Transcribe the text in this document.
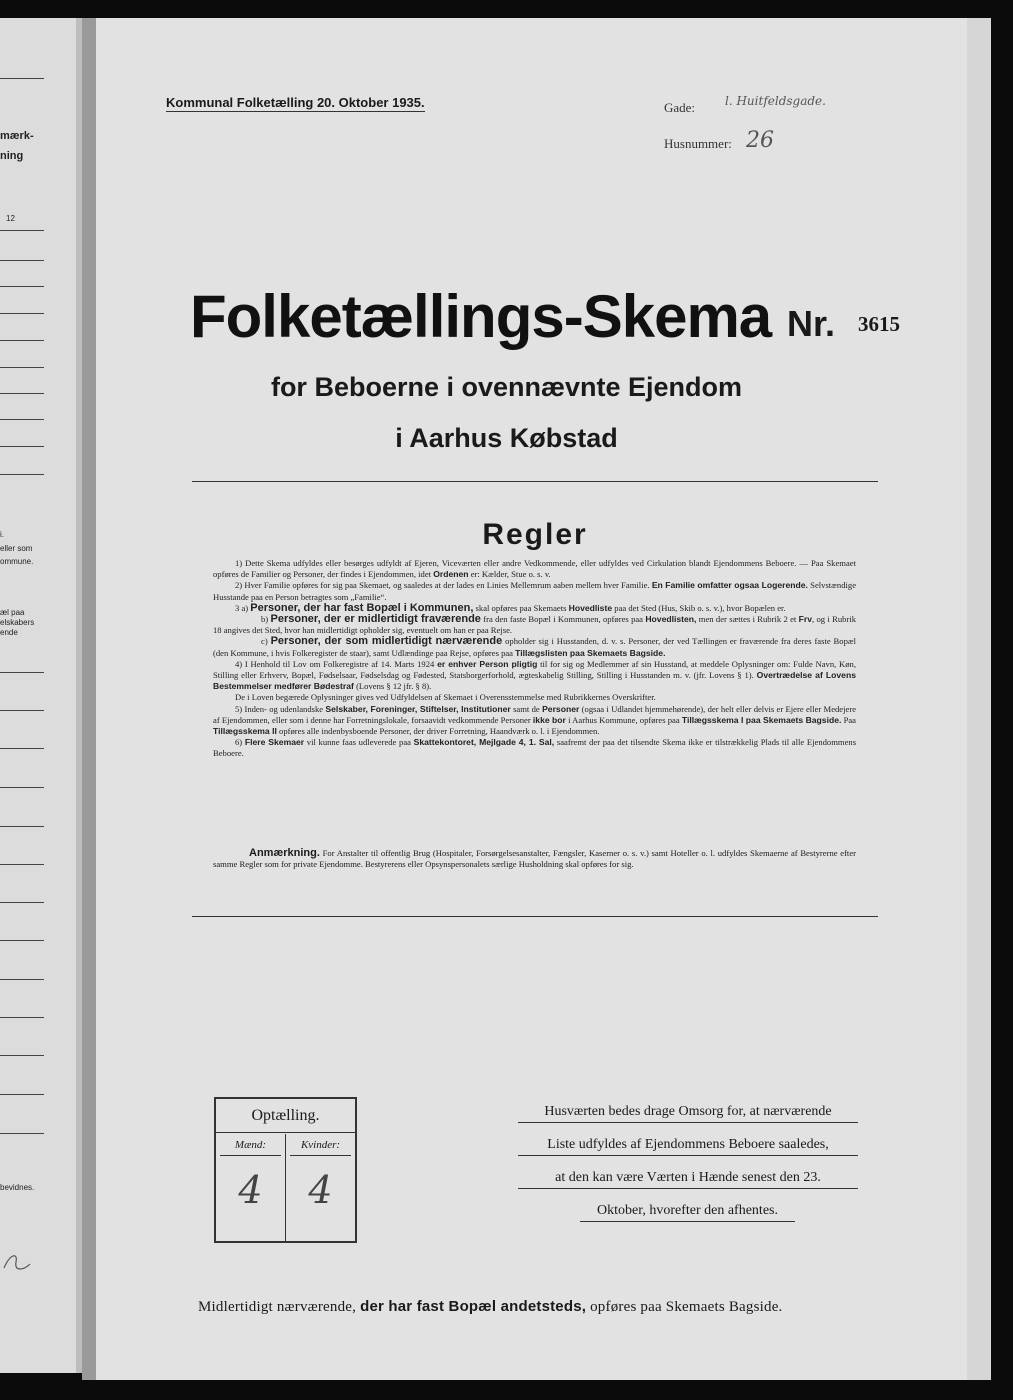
mærk-
ning
12
i.
eller som
ommune.
æl paa
elskabers
ende
bevidnes.
Kommunal Folketælling 20. Oktober 1935.	Gade: l. Huitfeldsgade.
Husnummer: 26
Folketællings-Skema Nr. 3615
for Beboerne i ovennævnte Ejendom
i Aarhus Købstad
Regler

1) Dette Skema udfyldes eller besørges udfyldt af Ejeren, Viceværten eller andre Vedkommende, eller udfyldes ved Cirkulation blandt Ejendommens Beboere. — Paa Skemaet opføres de Familier og Personer, der findes i Ejendommen, idet Ordenen er: Kælder, Stue o. s. v.

2) Hver Familie opføres for sig paa Skemaet, og saaledes at der lades en Linies Mellemrum aaben mellem hver Familie. En Familie omfatter ogsaa Logerende. Selvstændige Husstande paa en Person betragtes som „Familie“.

3 a) Personer, der har fast Bopæl i Kommunen, skal opføres paa Skemaets Hovedliste paa det Sted (Hus, Skib o. s. v.), hvor Bopælen er.

b) Personer, der er midlertidigt fraværende fra den faste Bopæl i Kommunen, opføres paa Hovedlisten, men der sættes i Rubrik 2 et Frv, og i Rubrik 18 angives det Sted, hvor han midlertidigt opholder sig, eventuelt om han er paa Rejse.

c) Personer, der som midlertidigt nærværende opholder sig i Husstanden, d. v. s. Personer, der ved Tællingen er fraværende fra deres faste Bopæl (den Kommune, i hvis Folkeregister de staar), samt Udlændinge paa Rejse, opføres paa Tillægslisten paa Skemaets Bagside.

4) I Henhold til Lov om Folkeregistre af 14. Marts 1924 er enhver Person pligtig til for sig og Medlemmer af sin Husstand, at meddele Oplysninger om: Fulde Navn, Køn, Stilling eller Erhverv, Bopæl, Fødselsaar, Fødselsdag og Fødested, Statsborgerforhold, ægteskabelig Stilling, Stilling i Husstanden m. v. (jfr. Lovens § 1). Overtrædelse af Lovens Bestemmelser medfører Bødestraf (Lovens § 12 jfr. § 8).

De i Loven begærede Oplysninger gives ved Udfyldelsen af Skemaet i Overensstemmelse med Rubrikkernes Overskrifter.

5) Inden- og udenlandske Selskaber, Foreninger, Stiftelser, Institutioner samt de Personer (ogsaa i Udlandet hjemmehørende), der helt eller delvis er Ejere eller Medejere af Ejendommen, eller som i denne har Forretningslokale, forsaavidt vedkommende Personer ikke bor i Aarhus Kommune, opføres paa Tillægsskema I paa Skemaets Bagside. Paa Tillægsskema II opføres alle indenbysboende Personer, der driver Forretning, Haandværk o. l. i Ejendommen.

6) Flere Skemaer vil kunne faas udleverede paa Skattekontoret, Mejlgade 4, 1. Sal, saafremt der paa det tilsendte Skema ikke er tilstrækkelig Plads til alle Ejendommens Beboere.

Anmærkning. For Anstalter til offentlig Brug (Hospitaler, Forsørgelsesanstalter, Fængsler, Kaserner o. s. v.) samt Hoteller o. l. udfyldes Skemaerne af Bestyrerne efter samme Regler som for private Ejendomme. Bestyrerens eller Opsynspersonalets særlige Husholdning skal opføres for sig.
Optælling.
Mænd:
4
Kvinder:
4
Husværten bedes drage Omsorg for, at nærværende
Liste udfyldes af Ejendommens Beboere saaledes,
at den kan være Værten i Hænde senest den 23.
Oktober, hvorefter den afhentes.
Midlertidigt nærværende, der har fast Bopæl andetsteds, opføres paa Skemaets Bagside.
